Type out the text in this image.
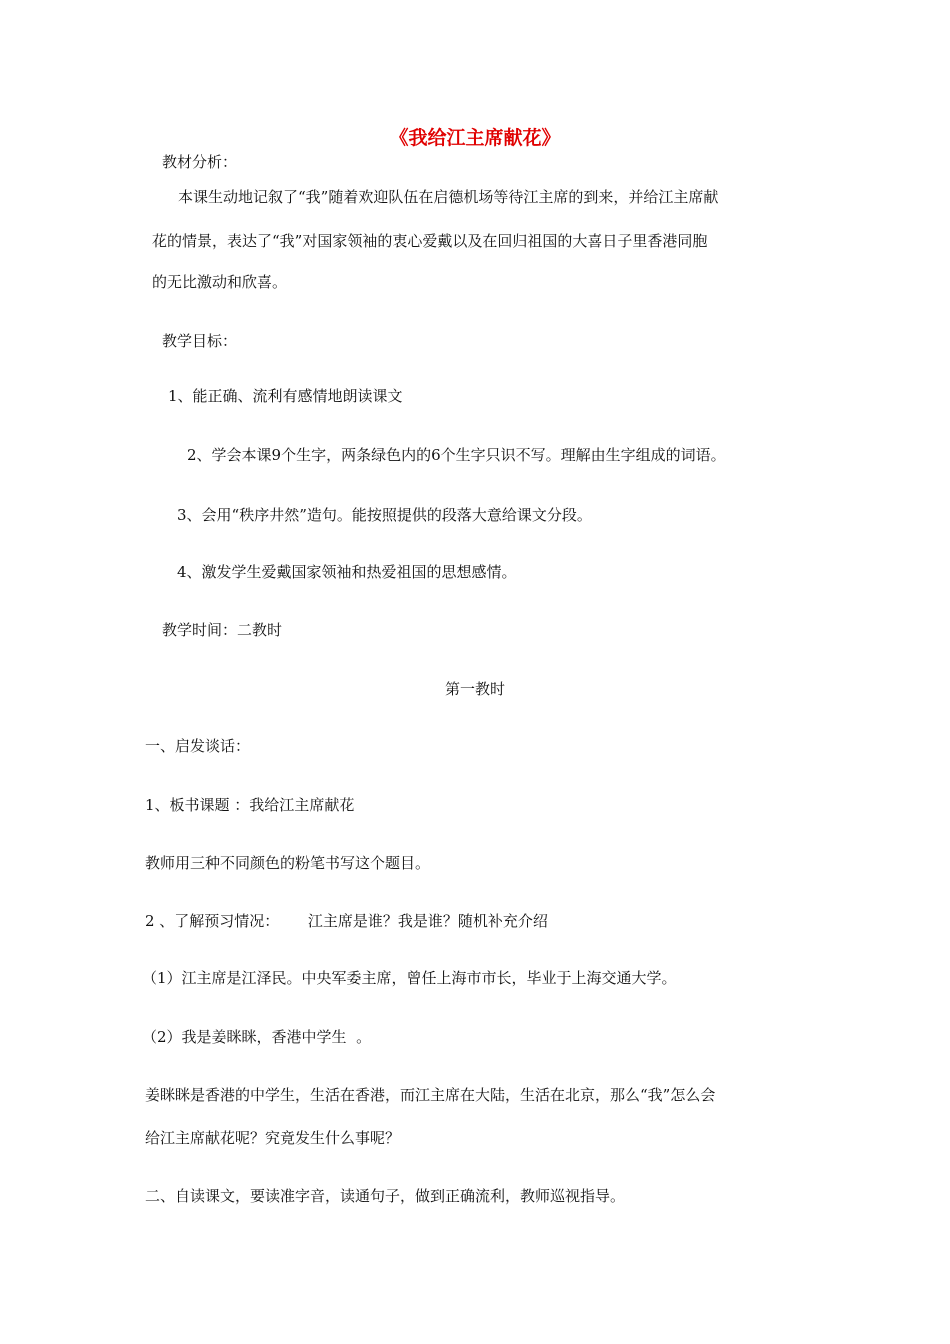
《我给江主席献花》
教材分析：
本课生动地记叙了“我”随着欢迎队伍在启德机场等待江主席的到来，并给江主席献
花的情景，表达了“我”对国家领袖的衷心爱戴以及在回归祖国的大喜日子里香港同胞
的无比激动和欣喜。
教学目标：
1、能正确、流利有感情地朗读课文
2、学会本课9个生字，两条绿色内的6个生字只识不写。理解由生字组成的词语。
3、会用“秩序井然”造句。能按照提供的段落大意给课文分段。
4、激发学生爱戴国家领袖和热爱祖国的思想感情。
教学时间：二教时
第一教时
一、启发谈话：
1、板书课题 ：我给江主席献花
教师用三种不同颜色的粉笔书写这个题目。
2 、了解预习情况：      江主席是谁？我是谁？随机补充介绍
（1）江主席是江泽民。中央军委主席，曾任上海市市长，毕业于上海交通大学。
（2）我是姜眯眯，香港中学生  。
姜眯眯是香港的中学生，生活在香港，而江主席在大陆，生活在北京，那么“我”怎么会
给江主席献花呢？究竟发生什么事呢？
二、自读课文，要读准字音，读通句子，做到正确流利，教师巡视指导。
